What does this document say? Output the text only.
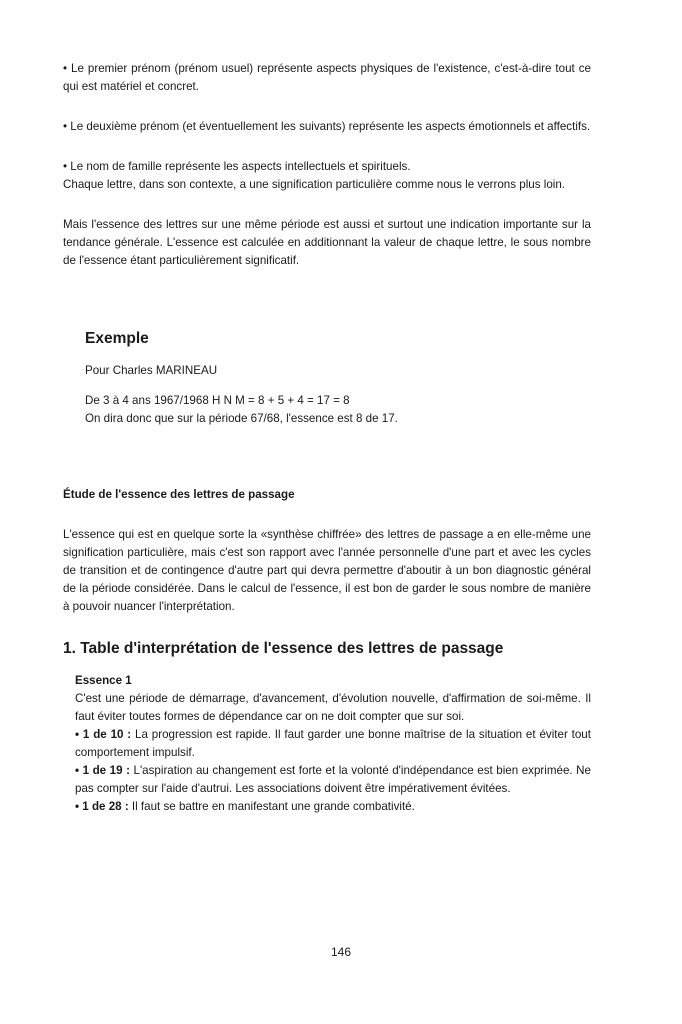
• Le premier prénom (prénom usuel) représente aspects physiques de l'existence, c'est-à-dire tout ce qui est matériel et concret.

• Le deuxième prénom (et éventuellement les suivants) représente les aspects émotionnels et affectifs.

• Le nom de famille représente les aspects intellectuels et spirituels.

Chaque lettre, dans son contexte, a une signification particulière comme nous le verrons plus loin.

Mais l'essence des lettres sur une même période est aussi et surtout une indication importante sur la tendance générale. L'essence est calculée en additionnant la valeur de chaque lettre, le sous nombre de l'essence étant particulièrement significatif.

Exemple

Pour Charles MARINEAU

De 3 à 4 ans 1967/1968 H N M = 8 + 5 + 4 = 17 = 8

On dira donc que sur la période 67/68, l'essence est 8 de 17.

Étude de l'essence des lettres de passage

L'essence qui est en quelque sorte la «synthèse chiffrée» des lettres de passage a en elle-même une signification particulière, mais c'est son rapport avec l'année personnelle d'une part et avec les cycles de transition et de contingence d'autre part qui devra permettre d'aboutir à un bon diagnostic général de la période considérée. Dans le calcul de l'essence, il est bon de garder le sous nombre de manière à pouvoir nuancer l'interprétation.

1. Table d'interprétation de l'essence des lettres de passage

Essence 1

C'est une période de démarrage, d'avancement, d'évolution nouvelle, d'affirmation de soi-même. Il faut éviter toutes formes de dépendance car on ne doit compter que sur soi.

• 1 de 10 : La progression est rapide. Il faut garder une bonne maîtrise de la situation et éviter tout comportement impulsif.

• 1 de 19 : L'aspiration au changement est forte et la volonté d'indépendance est bien exprimée. Ne pas compter sur l'aide d'autrui. Les associations doivent être impérativement évitées.

• 1 de 28 : Il faut se battre en manifestant une grande combativité.

146
